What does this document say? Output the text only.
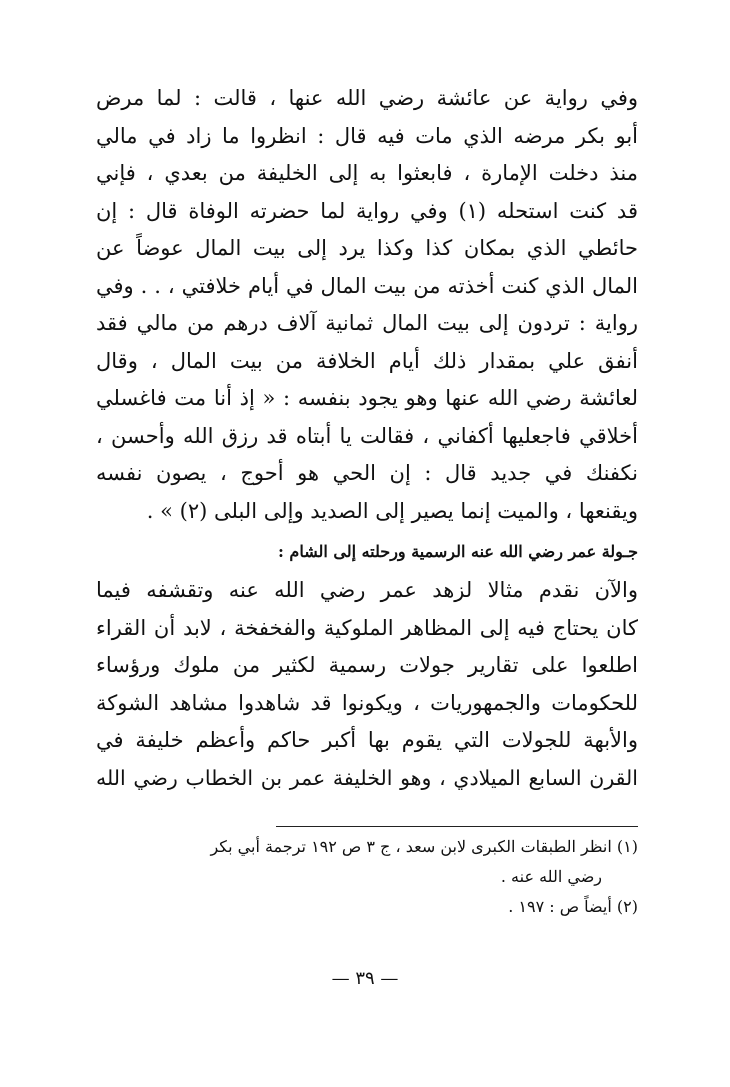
وفي رواية عن عائشة رضي الله عنها ، قالت : لما مرض
أبو بكر مرضه الذي مات فيه قال : انظروا ما زاد في مالي
منذ دخلت الإمارة ، فابعثوا به إلى الخليفة من بعدي ، فإني
قد كنت استحله (١) وفي رواية لما حضرته الوفاة قال : إن
حائطي الذي بمكان كذا وكذا يرد إلى بيت المال عوضاً عن
المال الذي كنت أخذته من بيت المال في أيام خلافتي ، . . وفي
رواية : تردون إلى بيت المال ثمانية آلاف درهم من مالي فقد
أنفق علي بمقدار ذلك أيام الخلافة من بيت المال ، وقال
لعائشة رضي الله عنها وهو يجود بنفسه : « إذ أنا مت فاغسلي
أخلاقي فاجعليها أكفاني ، فقالت يا أبتاه قد رزق الله وأحسن ،
نكفنك في جديد قال : إن الحي هو أحوج ، يصون نفسه
ويقنعها ، والميت إنما يصير إلى الصديد وإلى البلى (٢) » .

جـولة عمر رضي الله عنه الرسمية ورحلته إلى الشام :

والآن نقدم مثالا لزهد عمر رضي الله عنه وتقشفه فيما
كان يحتاج فيه إلى المظاهر الملوكية والفخفخة ، لابد أن القراء
اطلعوا على تقارير جولات رسمية لكثير من ملوك ورؤساء
للحكومات والجمهوريات ، ويكونوا قد شاهدوا مشاهد الشوكة
والأبهة للجولات التي يقوم بها أكبر حاكم وأعظم خليفة في
القرن السابع الميلادي ، وهو الخليفة عمر بن الخطاب رضي الله

(١) انظر الطبقات الكبرى لابن سعد ، ج ٣ ص ١٩٢ ترجمة أبي بكر

رضي الله عنه .

(٢) أيضاً ص : ١٩٧ .

— ٣٩ —
